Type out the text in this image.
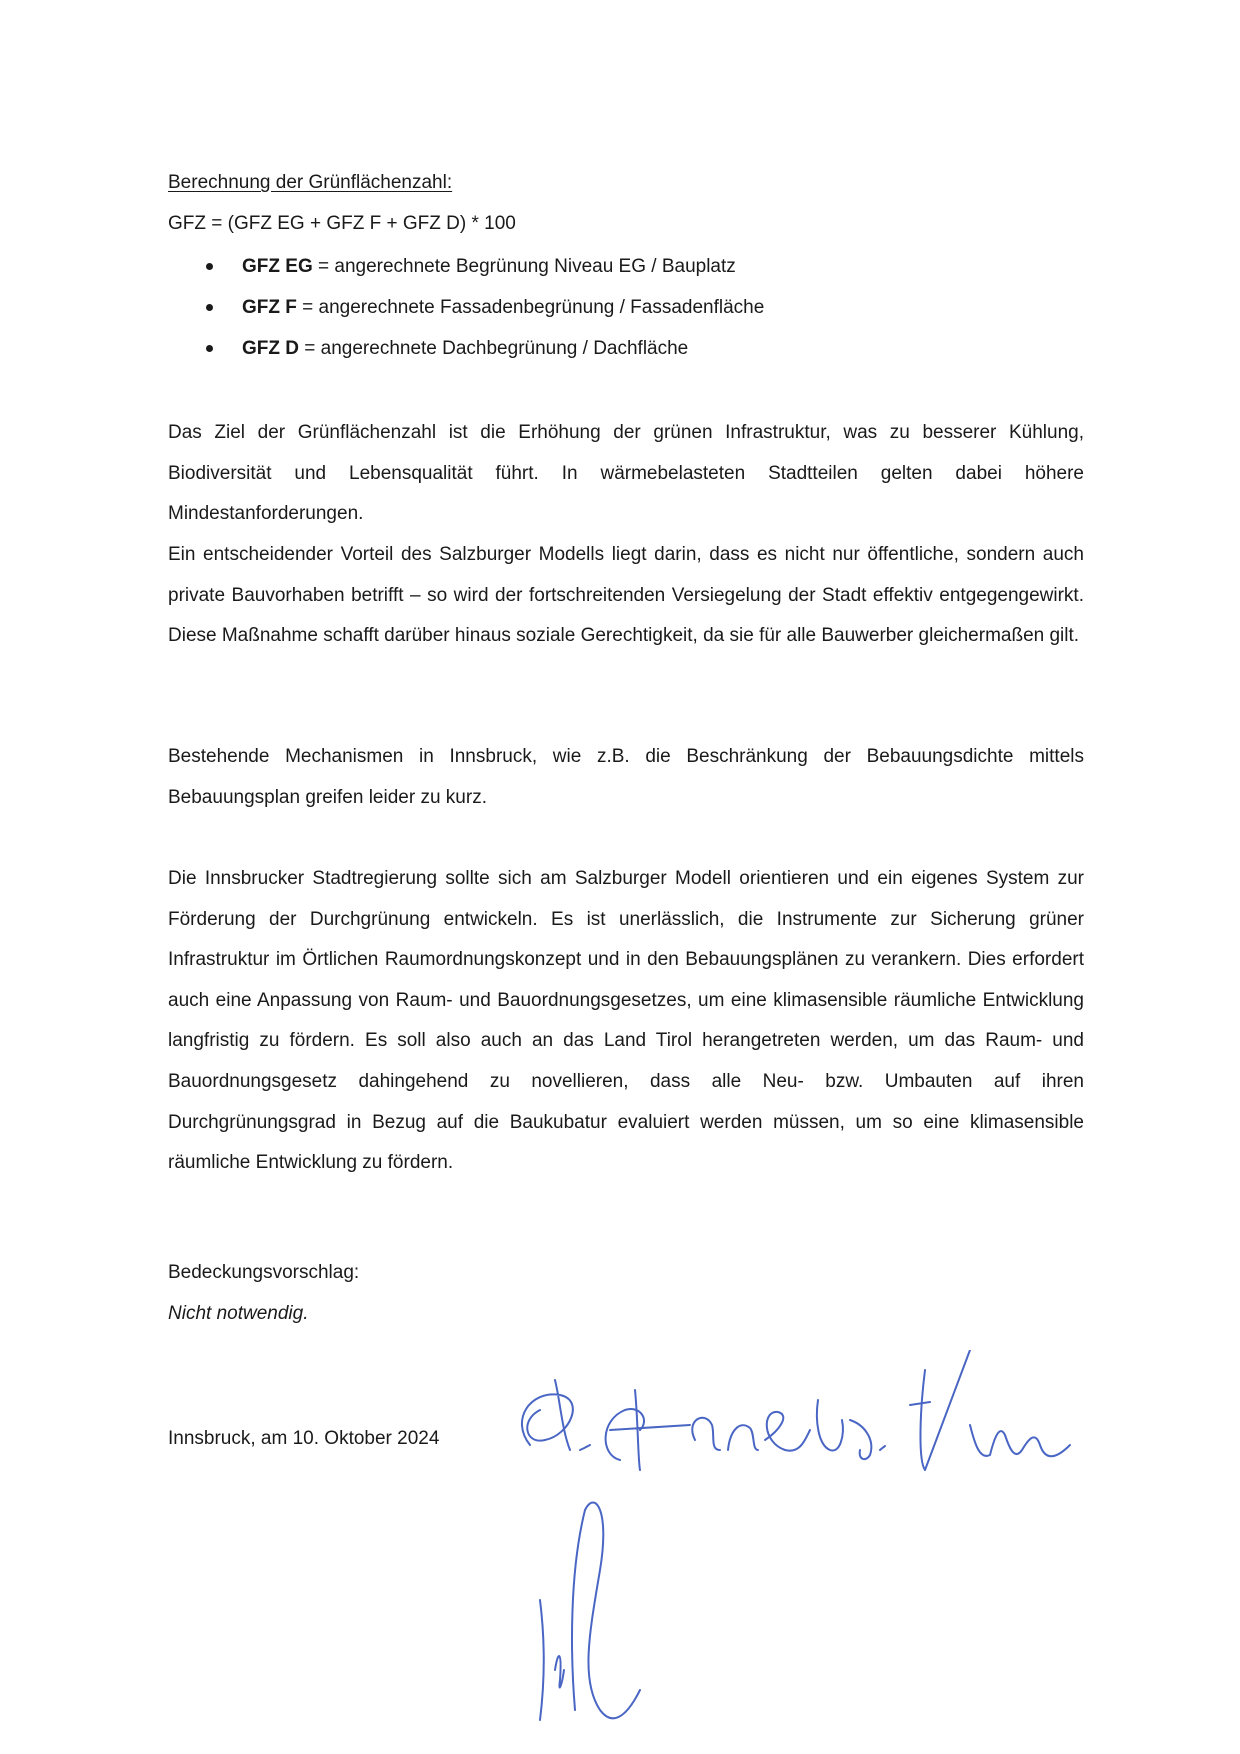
Berechnung der Grünflächenzahl:
GFZ = (GFZ EG + GFZ F + GFZ D) * 100
GFZ EG = angerechnete Begrünung Niveau EG / Bauplatz
GFZ F = angerechnete Fassadenbegrünung / Fassadenfläche
GFZ D = angerechnete Dachbegrünung / Dachfläche

Das Ziel der Grünflächenzahl ist die Erhöhung der grünen Infrastruktur, was zu besserer Kühlung, Biodiversität und Lebensqualität führt. In wärmebelasteten Stadtteilen gelten dabei höhere Mindestanforderungen.

Ein entscheidender Vorteil des Salzburger Modells liegt darin, dass es nicht nur öffentliche, sondern auch private Bauvorhaben betrifft – so wird der fortschreitenden Versiegelung der Stadt effektiv entgegengewirkt. Diese Maßnahme schafft darüber hinaus soziale Gerechtigkeit, da sie für alle Bauwerber gleichermaßen gilt.

Bestehende Mechanismen in Innsbruck, wie z.B. die Beschränkung der Bebauungsdichte mittels Bebauungsplan greifen leider zu kurz.

Die Innsbrucker Stadtregierung sollte sich am Salzburger Modell orientieren und ein eigenes System zur Förderung der Durchgrünung entwickeln. Es ist unerlässlich, die Instrumente zur Sicherung grüner Infrastruktur im Örtlichen Raumordnungskonzept und in den Bebauungsplänen zu verankern. Dies erfordert auch eine Anpassung von Raum- und Bauordnungsgesetzes, um eine klimasensible räumliche Entwicklung langfristig zu fördern. Es soll also auch an das Land Tirol herangetreten werden, um das Raum- und Bauordnungsgesetz dahingehend zu novellieren, dass alle Neu- bzw. Umbauten auf ihren Durchgrünungsgrad in Bezug auf die Baukubatur evaluiert werden müssen, um so eine klimasensible räumliche Entwicklung zu fördern.

Bedeckungsvorschlag:
Nicht notwendig.
Innsbruck, am 10. Oktober 2024
